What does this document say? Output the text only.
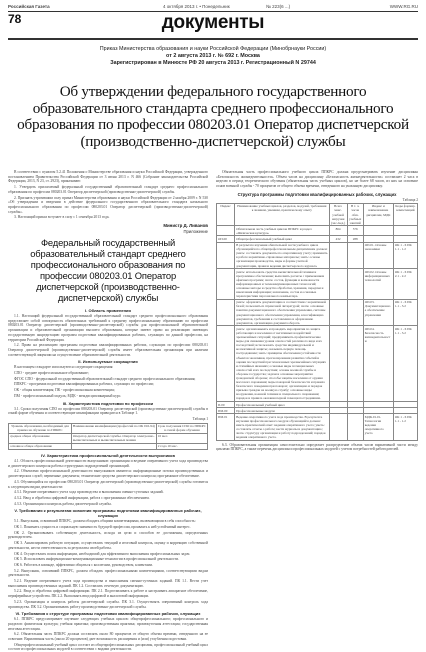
Российская Газета	4 октября 2013 г. • Понедельник	№ 223(6 ...)	WWW.RG.RU
78	документы
Приказ Министерства образования и науки Российской Федерации (Минобрнауки России)
от 2 августа 2013 г. № 692 г. Москва
Зарегистрирован в Минюсте РФ 20 августа 2013 г. Регистрационный N 29744
Об утверждении федерального государственного образовательного стандарта среднего профессионального образования по профессии 080203.01 Оператор диспетчерской (производственно-диспетчерской) службы

В соответствии с пунктом 5.2.41 Положения о Министерстве образования и науки Российской Федерации, утвержденного постановлением Правительства Российской Федерации от 3 июня 2013 г. N 466 (Собрание законодательства Российской Федерации, 2013, N 23, ст. 2923), приказываю:

1. Утвердить прилагаемый федеральный государственный образовательный стандарт среднего профессионального образования по профессии 080203.01 Оператор диспетчерской (производственно-диспетчерской) службы.

2. Признать утратившим силу приказ Министерства образования и науки Российской Федерации от 2 ноября 2009 г. N 530 «Об утверждении и введении в действие федерального государственного образовательного стандарта начального профессионального образования по профессии 080203.01 Оператор диспетчерской (производственно-диспетчерской) службы».

3. Настоящий приказ вступает в силу с 1 сентября 2013 года.

Министр Д. Ливанов
Приложение
Федеральный государственный образовательный стандарт среднего профессионального образования по профессии 080203.01 Оператор диспетчерской (производственно-диспетчерской) службы
I. Область применения

1.1. Настоящий федеральный государственный образовательный стандарт среднего профессионального образования представляет собой совокупность обязательных требований к среднему профессиональному образованию по профессии 080203.01 Оператор диспетчерской (производственно-диспетчерской) службы для профессиональной образовательной организации и образовательной организации высшего образования, которые имеют право на реализацию имеющих государственную аккредитацию программ подготовки квалифицированных рабочих, служащих по данной профессии, на территории Российской Федерации.

1.2. Право на реализацию программы подготовки квалифицированных рабочих, служащих по профессии 080203.01 Оператор диспетчерской (производственно-диспетчерской) службы имеет образовательная организация при наличии соответствующей лицензии на осуществление образовательной деятельности.

II. Используемые сокращения

В настоящем стандарте используются следующие сокращения:

СПО - среднее профессиональное образование;

ФГОС СПО - федеральный государственный образовательный стандарт среднего профессионального образования;

ППКРС - программа подготовки квалифицированных рабочих, служащих по профессии;

ОК - общая компетенция; ПК - профессиональная компетенция;

ПМ - профессиональный модуль; МДК - междисциплинарный курс.

III. Характеристика подготовки по профессии

3.1. Сроки получения СПО по профессии 080203.01 Оператор диспетчерской (производственно-диспетчерской) службы в очной форме обучения и соответствующие квалификации приводятся в Таблице 1.

Таблица 1
Уровень образования, необходимый для приема на обучение по ППКРС	Наименование квалификации (профессий по ОК 016-94)	Срок получения СПО по ППКРС в очной форме обучения
среднее общее образование	Оператор диспетчерской службы. Оператор электронно-вычислительных и вычислительных машин	10 мес.
основное общее образование		2 года 10 мес.
IV. Характеристика профессиональной деятельности выпускников

4.1. Область профессиональной деятельности выпускников: организация и ведение оперативного учета хода производства и диспетчерского контроля работы структурных подразделений организаций.

4.2. Объектами профессиональной деятельности выпускников являются: информационные потоки производственных и диспетчерских служб; первичные документы; технические средства диспетчерского контроля; программное обеспечение.

4.3. Обучающийся по профессии 080203.01 Оператор диспетчерской (производственно-диспетчерской) службы готовится к следующим видам деятельности:

4.3.1. Ведение оперативного учета хода производства и выполнения сменно-суточных заданий.

4.3.2. Ввод и обработка цифровой информации, работа с программным обеспечением.

4.3.3. Организация и контроль работы диспетчерской службы.

V. Требования к результатам освоения программы подготовки квалифицированных рабочих, служащих

5.1. Выпускник, освоивший ППКРС, должен обладать общими компетенциями, включающими в себя способность:

ОК 1. Понимать сущность и социальную значимость будущей профессии, проявлять к ней устойчивый интерес.

ОК 2. Организовывать собственную деятельность, исходя из цели и способов ее достижения, определенных руководителем.

ОК 3. Анализировать рабочую ситуацию, осуществлять текущий и итоговый контроль, оценку и коррекцию собственной деятельности, нести ответственность за результаты своей работы.

ОК 4. Осуществлять поиск информации, необходимой для эффективного выполнения профессиональных задач.

ОК 5. Использовать информационно-коммуникационные технологии в профессиональной деятельности.

ОК 6. Работать в команде, эффективно общаться с коллегами, руководством, клиентами.

5.2. Выпускник, освоивший ППКРС, должен обладать профессиональными компетенциями, соответствующими видам деятельности.

5.2.1. Ведение оперативного учета хода производства и выполнения сменно-суточных заданий. ПК 1.1. Вести учет выполнения производственных заданий. ПК 1.2. Составлять отчетную документацию.

5.2.2. Ввод и обработка цифровой информации. ПК 2.1. Подготавливать к работе и настраивать аппаратное обеспечение, периферийные устройства. ПК 2.2. Выполнять ввод цифровой и аналоговой информации.

5.2.3. Организация и контроль работы диспетчерской службы. ПК 3.1. Осуществлять оперативный контроль хода производства. ПК 3.2. Организовывать работу производственно-диспетчерской службы.

VI. Требования к структуре программы подготовки квалифицированных рабочих, служащих

6.1. ППКРС предусматривает изучение следующих учебных циклов: общепрофессионального; профессионального и разделов: физическая культура; учебная практика; производственная практика; промежуточная аттестация; государственная итоговая аттестация.

6.2. Обязательная часть ППКРС должна составлять около 80 процентов от общего объема времени, отведенного на ее освоение. Вариативная часть (около 20 процентов) дает возможность расширения и (или) углубления подготовки.

Общепрофессиональный учебный цикл состоит из общепрофессиональных дисциплин, профессиональный учебный цикл состоит из профессиональных модулей в соответствии с видами деятельности.

Обязательная часть профессионального учебного цикла ППКРС должна предусматривать изучение дисциплины «Безопасность жизнедеятельности». Объем часов на дисциплину «Безопасность жизнедеятельности» составляет 2 часа в неделю в период теоретического обучения (обязательная часть учебных циклов), но не более 68 часов, из них на освоение основ военной службы - 70 процентов от общего объема времени, отведенного на указанную дисциплину.

Структура программы подготовки квалифицированных рабочих, служащих
Таблица 2
Индекс	Наименование учебных циклов, разделов, модулей, требования к знаниям, умениям, практическому опыту	Всего макс. учебной нагрузки (час./нед.)	В т. ч. часов обяз. учебных занятий	Индекс и наименование дисциплин, МДК	Коды формир. компетенций
	Обязательная часть учебных циклов ППКРС и раздел «Физическая культура»	864	576		
ОП.00	Общепрофессиональный учебный цикл	432	288		
	В результате изучения обязательной части учебного цикла обучающийся по общепрофессиональным дисциплинам должен: уметь: составлять документы по оперативному учету; применять в работе нормативно-справочные материалы; знать: основы организации производства, виды и формы учетной документации, правила ведения диспетчерского журнала.			ОП.01. Основы экономики	ОК 1 - 6 ПК 1.1 - 1.2
	уметь: использовать средства вычислительной техники и программное обеспечение; выполнять расчеты с применением офисных программ; знать: состав, функции и возможности информационных и телекоммуникационных технологий; основные методы и средства обработки, хранения, передачи и накопления информации; назначение, состав и основные характеристики персонального компьютера.			ОП.02. Основы информационных технологий	ОК 1 - 6 ПК 2.1 - 2.2
	уметь: оформлять документацию в соответствии с нормативной базой; пользоваться справочной литературой; знать: основные понятия документационного обеспечения управления, системы документационного обеспечения управления, классификацию документов, требования к составлению и оформлению документов, организацию документооборота.			ОП.03. Документационное обеспечение управления	ОК 1 - 6 ПК 1.1 - 3.2
	уметь: организовывать и проводить мероприятия по защите работающих и населения от негативных воздействий чрезвычайных ситуаций; предпринимать профилактические меры для снижения уровня опасностей различного вида и их последствий; использовать средства индивидуальной и коллективной защиты; оказывать первую помощь пострадавшим; знать: принципы обеспечения устойчивости объектов экономики, прогнозирования развития событий и оценки последствий при техногенных чрезвычайных ситуациях и стихийных явлениях; основные виды потенциальных опасностей и их последствия; основы военной службы и обороны государства; задачи и основные мероприятия гражданской обороны; способы защиты населения от оружия массового поражения; меры пожарной безопасности и правила безопасного поведения при пожарах; организацию и порядок призыва граждан на военную службу; основные виды вооружения, военной техники и специального снаряжения; порядок и правила оказания первой помощи пострадавшим.			ОП.04. Безопасность жизнедеятельности	ОК 1 - 6 ПК 1.1 - 3.2
П.00	Профессиональный учебный цикл				
ПМ.00	Профессиональные модули				
ПМ.01	Ведение оперативного учета хода производства. В результате изучения профессионального модуля обучающийся должен: иметь практический опыт: ведения оперативного учета; уметь: составлять отчеты о работе; вести журналы и документацию; знать: структуру организации и работу подразделений; порядок ведения оперативного учета.			МДК.01.01. Технология ведения оперативного учета	ОК 1 - 6 ПК 1.1 - 1.2

6.3. Образовательная организация самостоятельно определяет распределение объема часов вариативной части между циклами ППКРС, а также перечень дисциплин и профессиональных модулей с учетом потребностей работодателей.
